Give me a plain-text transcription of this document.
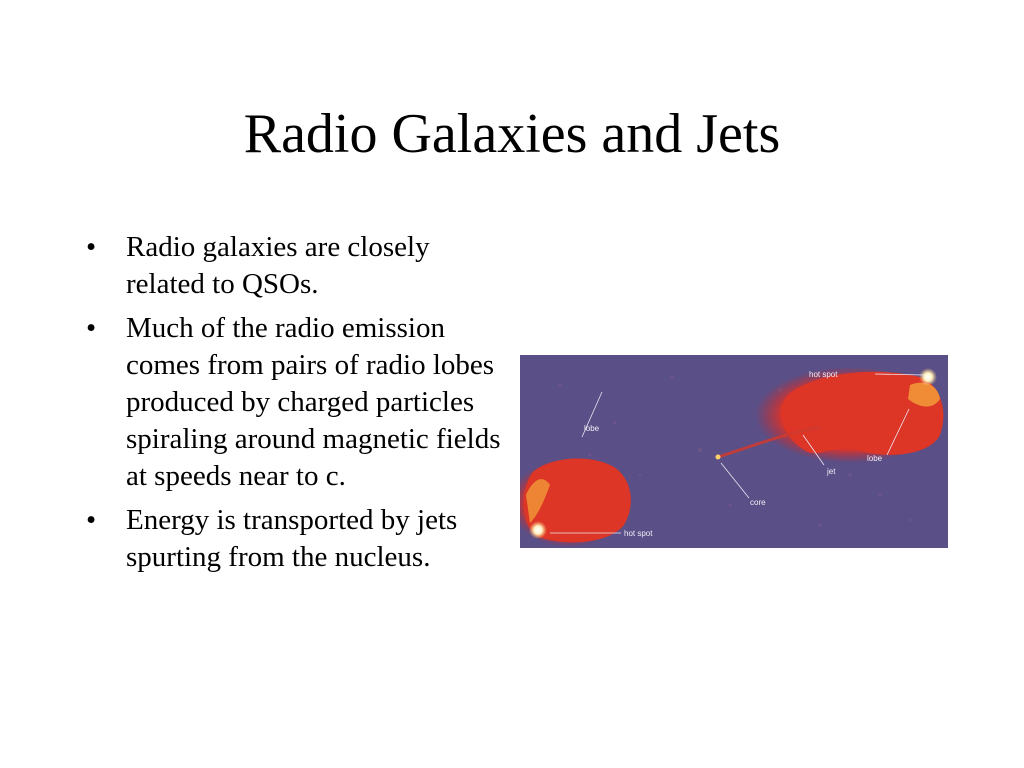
Radio Galaxies and Jets
• Radio galaxies are closely related to QSOs.
• Much of the radio emission comes from pairs of radio lobes produced by charged particles spiraling around magnetic fields at speeds near to c.
• Energy is transported by jets spurting from the nucleus.
lobe
hot spot
hot spot
jet
lobe
core
